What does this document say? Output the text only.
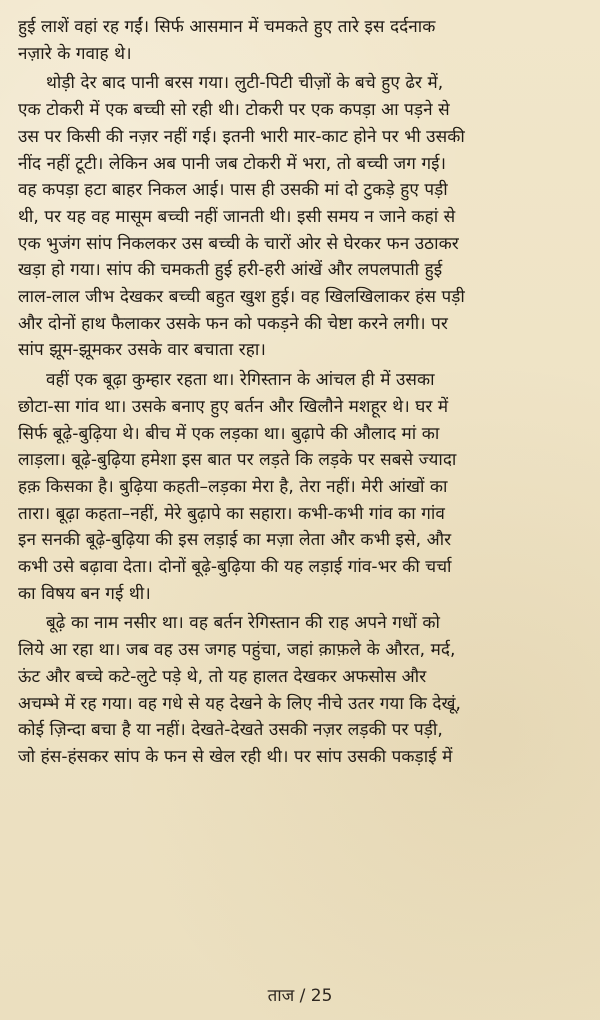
हुई लाशें वहां रह गईं। सिर्फ आसमान में चमकते हुए तारे इस दर्दनाक
नज़ारे के गवाह थे।

थोड़ी देर बाद पानी बरस गया। लुटी-पिटी चीज़ों के बचे हुए ढेर में,
एक टोकरी में एक बच्ची सो रही थी। टोकरी पर एक कपड़ा आ पड़ने से
उस पर किसी की नज़र नहीं गई। इतनी भारी मार-काट होने पर भी उसकी
नींद नहीं टूटी। लेकिन अब पानी जब टोकरी में भरा, तो बच्ची जग गई।
वह कपड़ा हटा बाहर निकल आई। पास ही उसकी मां दो टुकड़े हुए पड़ी
थी, पर यह वह मासूम बच्ची नहीं जानती थी। इसी समय न जाने कहां से
एक भुजंग सांप निकलकर उस बच्ची के चारों ओर से घेरकर फन उठाकर
खड़ा हो गया। सांप की चमकती हुई हरी-हरी आंखें और लपलपाती हुई
लाल-लाल जीभ देखकर बच्ची बहुत खुश हुई। वह खिलखिलाकर हंस पड़ी
और दोनों हाथ फैलाकर उसके फन को पकड़ने की चेष्टा करने लगी। पर
सांप झूम-झूमकर उसके वार बचाता रहा।

वहीं एक बूढ़ा कुम्हार रहता था। रेगिस्तान के आंचल ही में उसका
छोटा-सा गांव था। उसके बनाए हुए बर्तन और खिलौने मशहूर थे। घर में
सिर्फ बूढ़े-बुढ़िया थे। बीच में एक लड़का था। बुढ़ापे की औलाद मां का
लाड़ला। बूढ़े-बुढ़िया हमेशा इस बात पर लड़ते कि लड़के पर सबसे ज्यादा
हक़ किसका है। बुढ़िया कहती–लड़का मेरा है, तेरा नहीं। मेरी आंखों का
तारा। बूढ़ा कहता–नहीं, मेरे बुढ़ापे का सहारा। कभी-कभी गांव का गांव
इन सनकी बूढ़े-बुढ़िया की इस लड़ाई का मज़ा लेता और कभी इसे, और
कभी उसे बढ़ावा देता। दोनों बूढ़े-बुढ़िया की यह लड़ाई गांव-भर की चर्चा
का विषय बन गई थी।

बूढ़े का नाम नसीर था। वह बर्तन रेगिस्तान की राह अपने गधों को
लिये आ रहा था। जब वह उस जगह पहुंचा, जहां क़ाफ़ले के औरत, मर्द,
ऊंट और बच्चे कटे-लुटे पड़े थे, तो यह हालत देखकर अफसोस और
अचम्भे में रह गया। वह गधे से यह देखने के लिए नीचे उतर गया कि देखूं,
कोई ज़िन्दा बचा है या नहीं। देखते-देखते उसकी नज़र लड़की पर पड़ी,
जो हंस-हंसकर सांप के फन से खेल रही थी। पर सांप उसकी पकड़ाई में

ताज / 25
